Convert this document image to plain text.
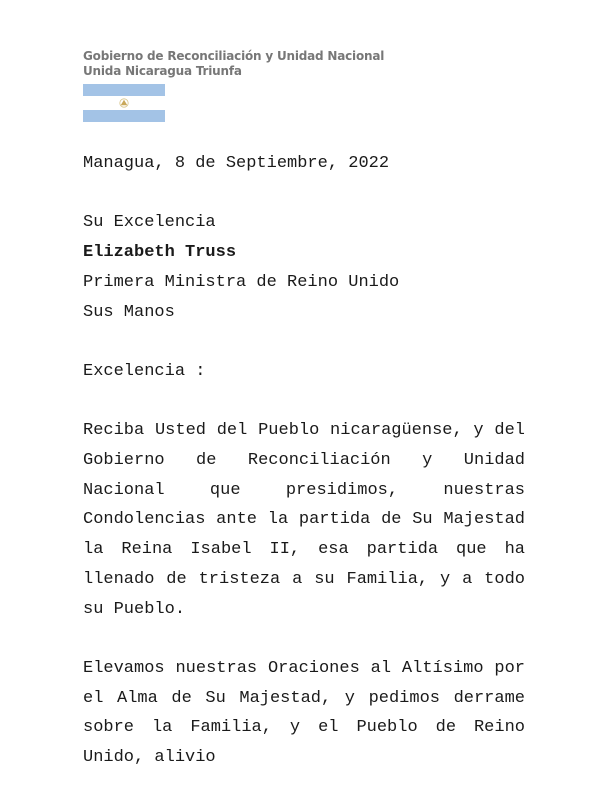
Gobierno de Reconciliación y Unidad Nacional
Unida Nicaragua Triunfa

Managua, 8 de Septiembre, 2022

Su Excelencia

Elizabeth Truss

Primera Ministra de Reino Unido

Sus Manos

Excelencia :

Reciba Usted del Pueblo nicaragüense, y del Gobierno de Reconciliación y Unidad Nacional que presidimos, nuestras Condolencias ante la partida de Su Majestad la Reina Isabel II, esa partida que ha llenado de tristeza a su Familia, y a todo su Pueblo.

Elevamos nuestras Oraciones al Altísimo por el Alma de Su Majestad, y pedimos derrame sobre la Familia, y el Pueblo de Reino Unido, alivio
